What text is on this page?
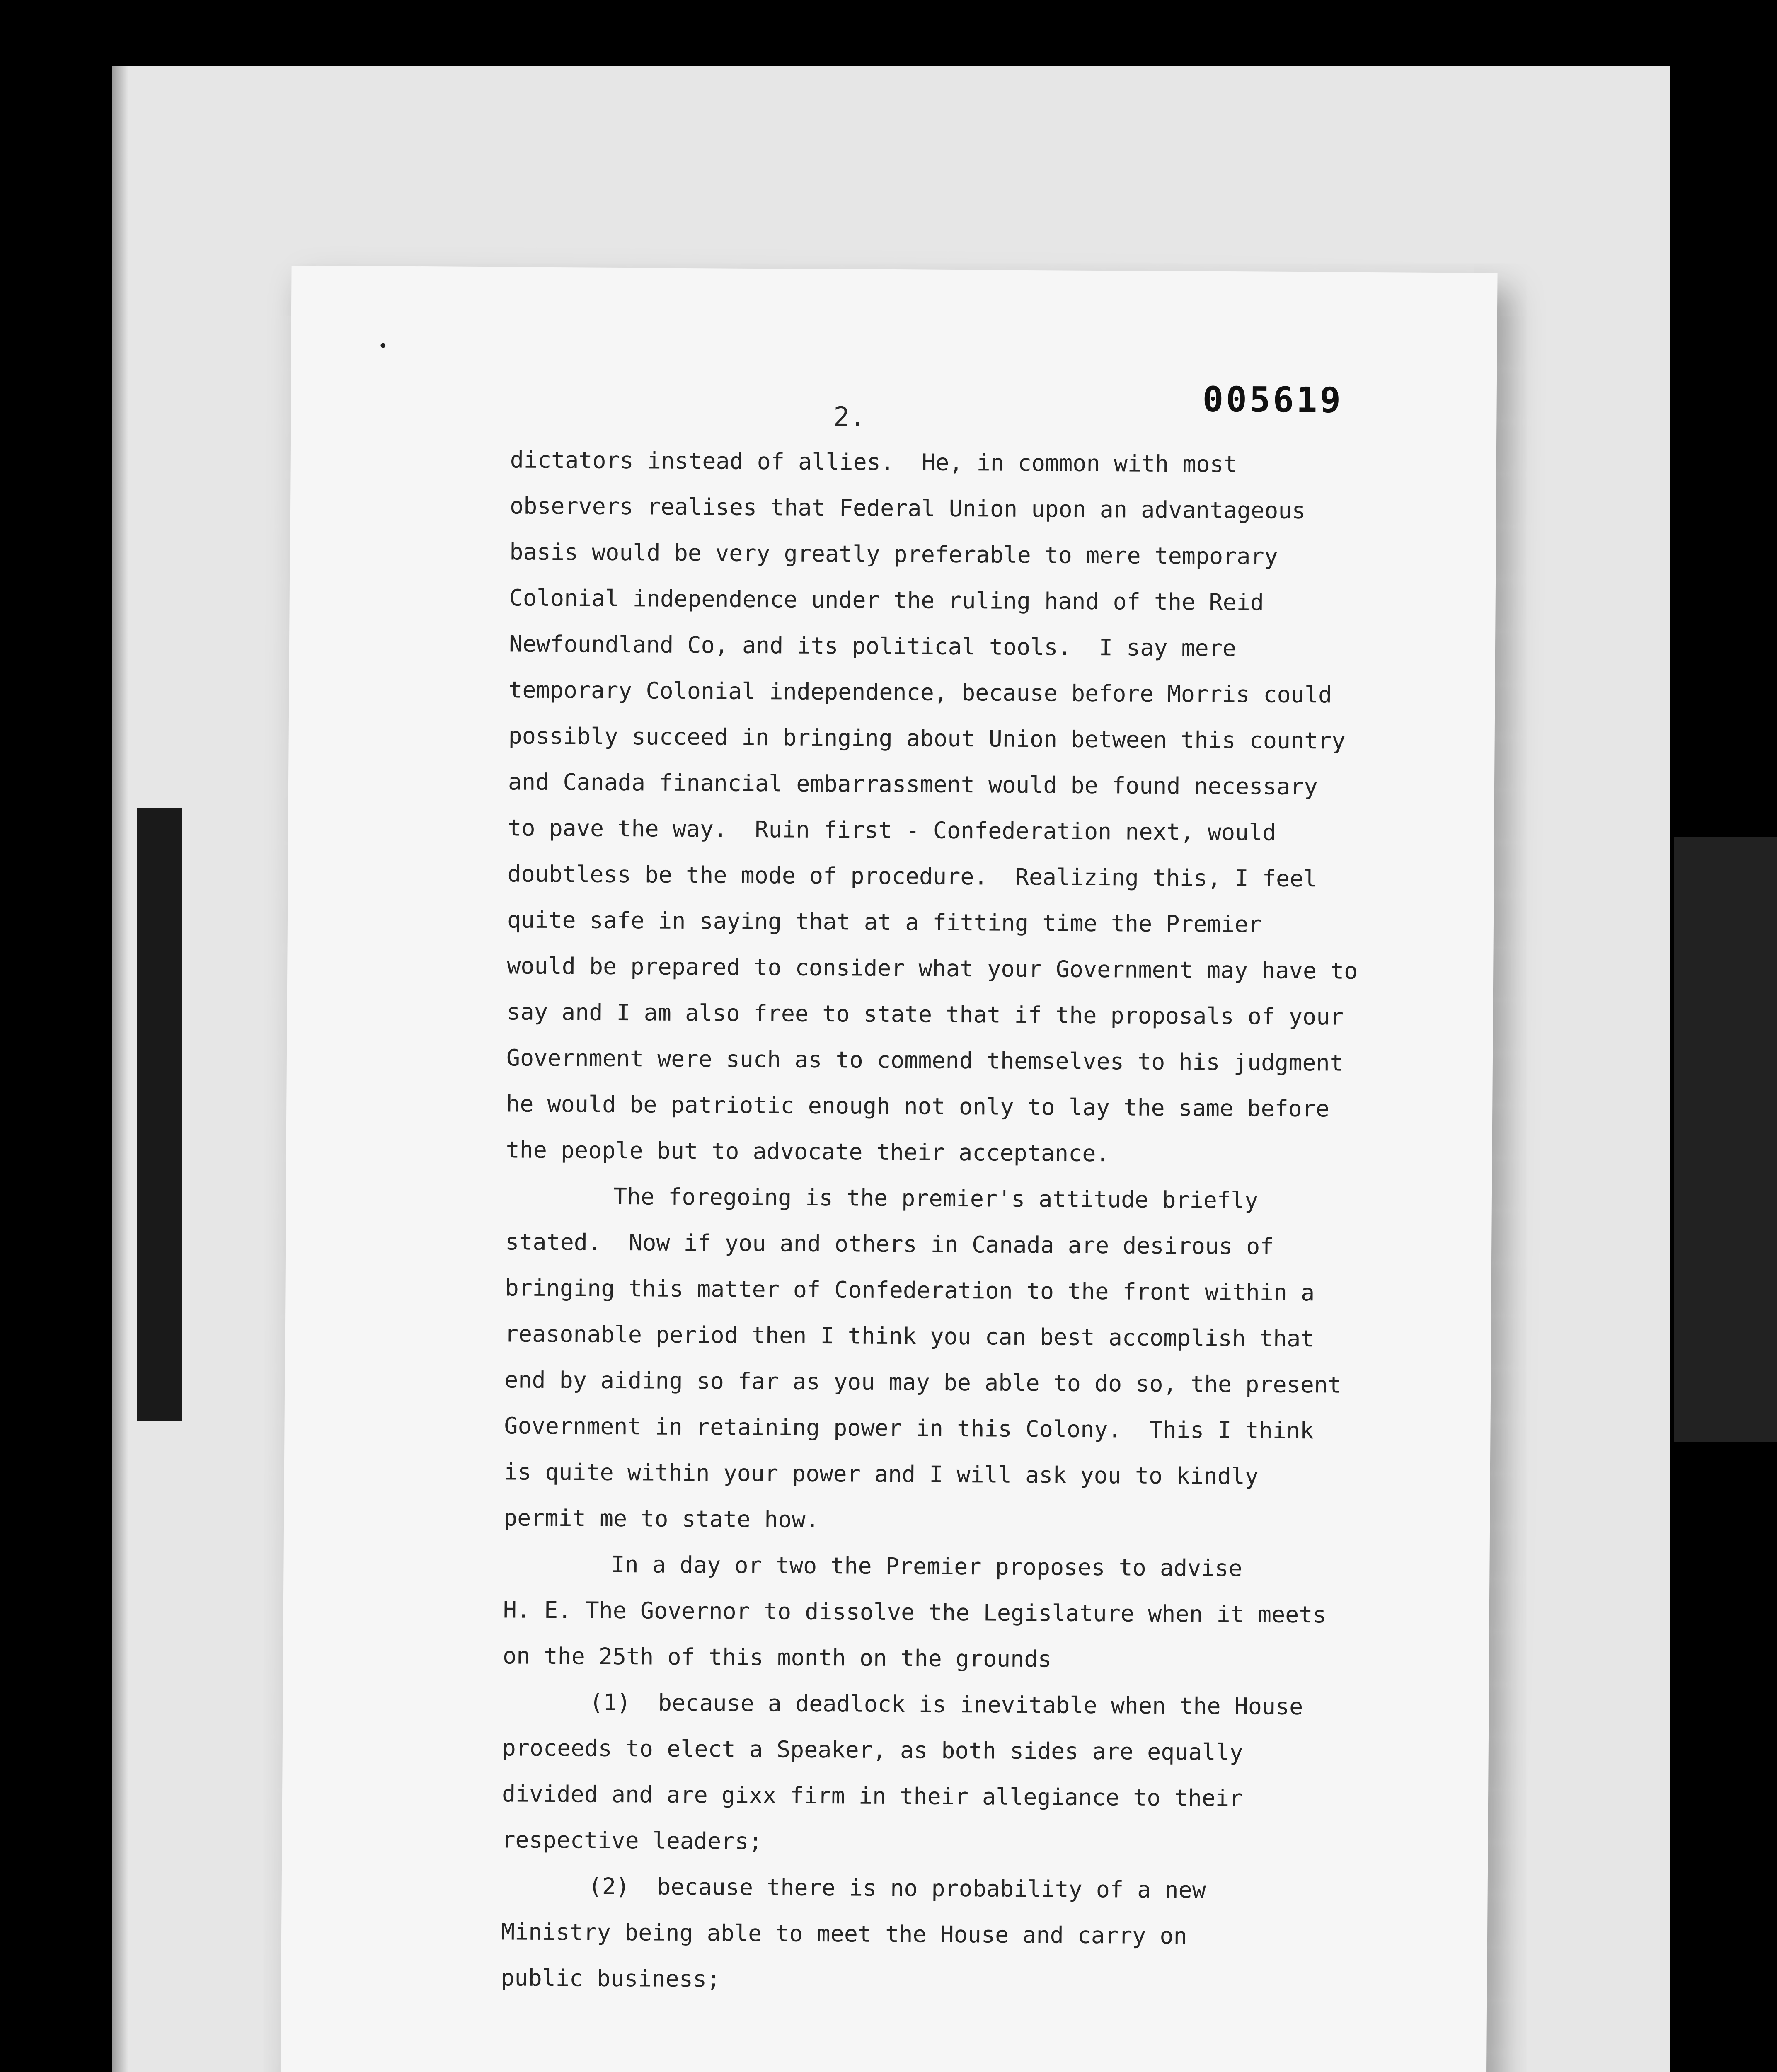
•
005619
2.
dictators instead of allies.  He, in common with most
observers realises that Federal Union upon an advantageous
basis would be very greatly preferable to mere temporary
Colonial independence under the ruling hand of the Reid
Newfoundland Co, and its political tools.  I say mere
temporary Colonial independence, because before Morris could
possibly succeed in bringing about Union between this country
and Canada financial embarrassment would be found necessary
to pave the way.  Ruin first - Confederation next, would
doubtless be the mode of procedure.  Realizing this, I feel
quite safe in saying that at a fitting time the Premier
would be prepared to consider what your Government may have to
say and I am also free to state that if the proposals of your
Government were such as to commend themselves to his judgment
he would be patriotic enough not only to lay the same before
the people but to advocate their acceptance.
The foregoing is the premier's attitude briefly
stated.  Now if you and others in Canada are desirous of
bringing this matter of Confederation to the front within a
reasonable period then I think you can best accomplish that
end by aiding so far as you may be able to do so, the present
Government in retaining power in this Colony.  This I think
is quite within your power and I will ask you to kindly
permit me to state how.
In a day or two the Premier proposes to advise
H. E. The Governor to dissolve the Legislature when it meets
on the 25th of this month on the grounds
(1)  because a deadlock is inevitable when the House
proceeds to elect a Speaker, as both sides are equally
divided and are gixx firm in their allegiance to their
respective leaders;
(2)  because there is no probability of a new
Ministry being able to meet the House and carry on
public business;
